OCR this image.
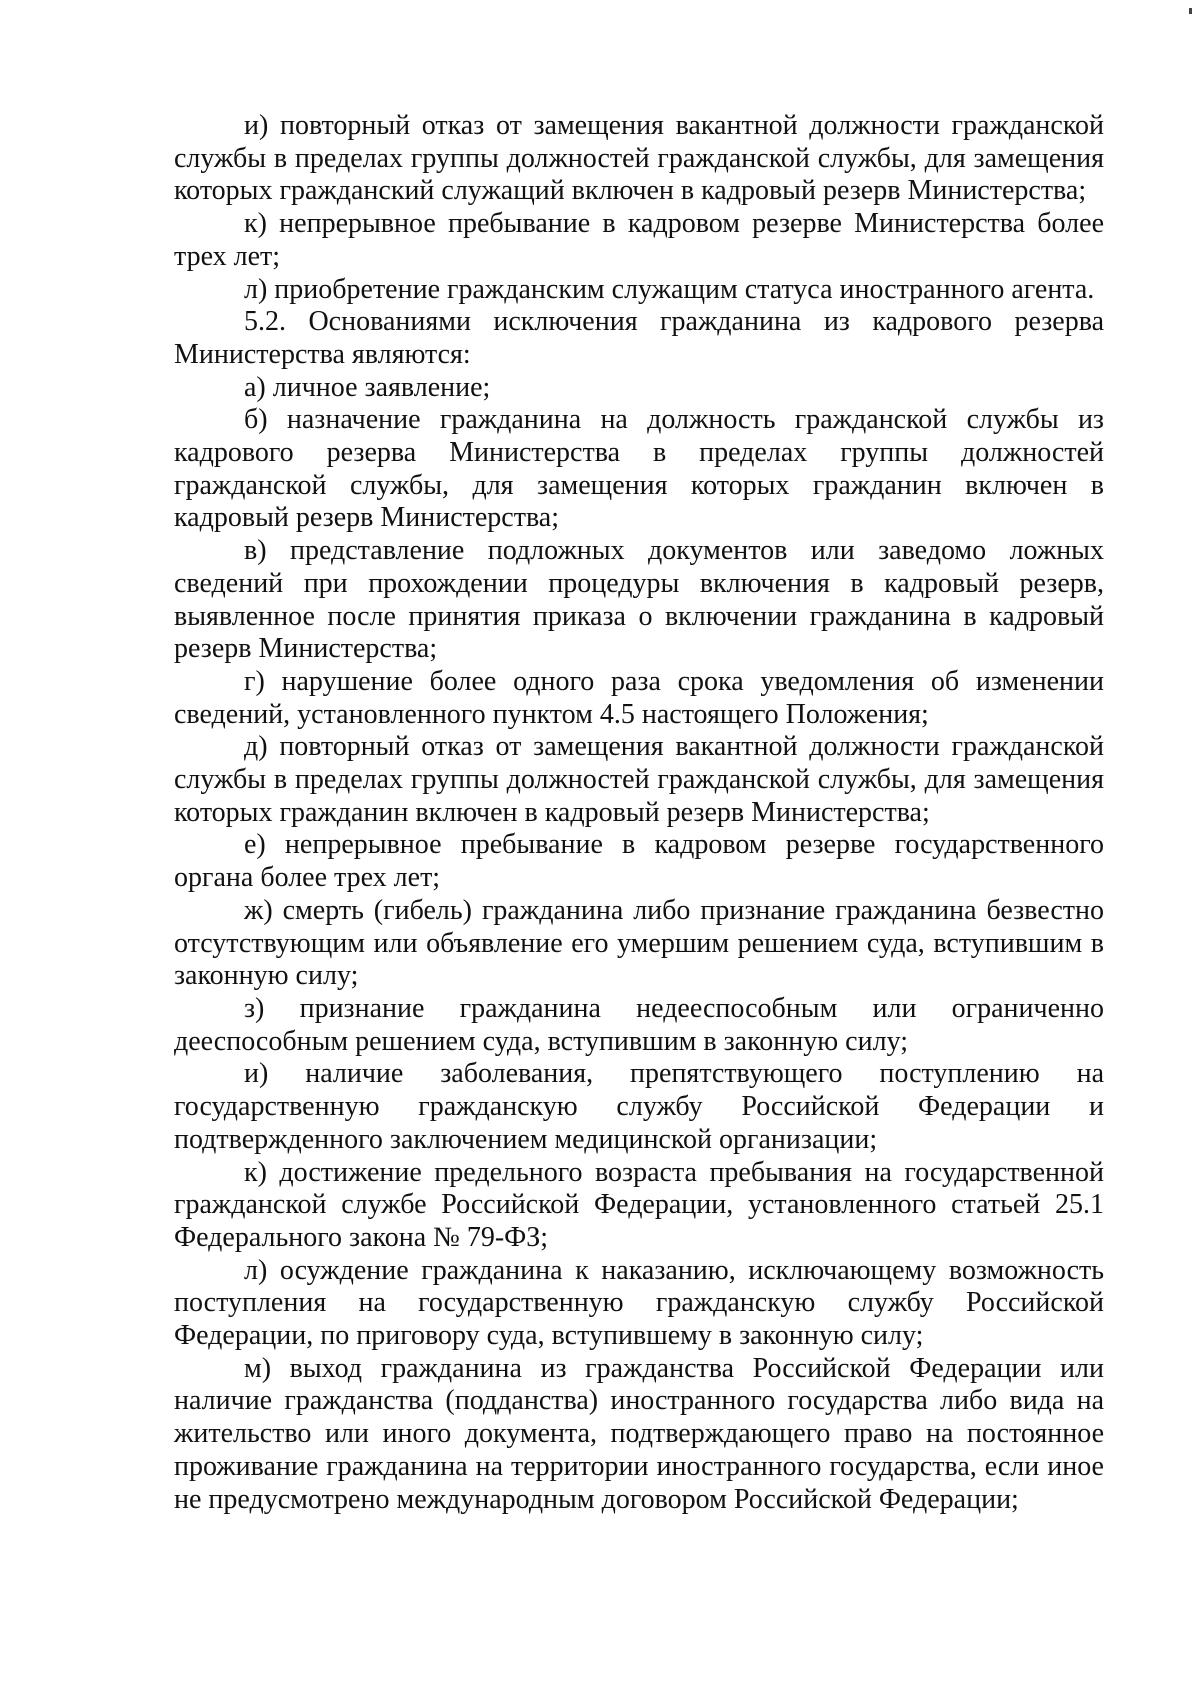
и) повторный отказ от замещения вакантной должности гражданской службы в пределах группы должностей гражданской службы, для замещения которых гражданский служащий включен в кадровый резерв Министерства;

к) непрерывное пребывание в кадровом резерве Министерства более трех лет;

л) приобретение гражданским служащим статуса иностранного агента.

5.2. Основаниями исключения гражданина из кадрового резерва Министерства являются:

а) личное заявление;

б) назначение гражданина на должность гражданской службы из кадрового резерва Министерства в пределах группы должностей гражданской службы, для замещения которых гражданин включен в кадровый резерв Министерства;

в) представление подложных документов или заведомо ложных сведений при прохождении процедуры включения в кадровый резерв, выявленное после принятия приказа о включении гражданина в кадровый резерв Министерства;

г) нарушение более одного раза срока уведомления об изменении сведений, установленного пунктом 4.5 настоящего Положения;

д) повторный отказ от замещения вакантной должности гражданской службы в пределах группы должностей гражданской службы, для замещения которых гражданин включен в кадровый резерв Министерства;

е) непрерывное пребывание в кадровом резерве государственного органа более трех лет;

ж) смерть (гибель) гражданина либо признание гражданина безвестно отсутствующим или объявление его умершим решением суда, вступившим в законную силу;

з) признание гражданина недееспособным или ограниченно дееспособным решением суда, вступившим в законную силу;

и) наличие заболевания, препятствующего поступлению на государственную гражданскую службу Российской Федерации и подтвержденного заключением медицинской организации;

к) достижение предельного возраста пребывания на государственной гражданской службе Российской Федерации, установленного статьей 25.1 Федерального закона № 79-ФЗ;

л) осуждение гражданина к наказанию, исключающему возможность поступления на государственную гражданскую службу Российской Федерации, по приговору суда, вступившему в законную силу;

м) выход гражданина из гражданства Российской Федерации или наличие гражданства (подданства) иностранного государства либо вида на жительство или иного документа, подтверждающего право на постоянное проживание гражданина на территории иностранного государства, если иное не предусмотрено международным договором Российской Федерации;
